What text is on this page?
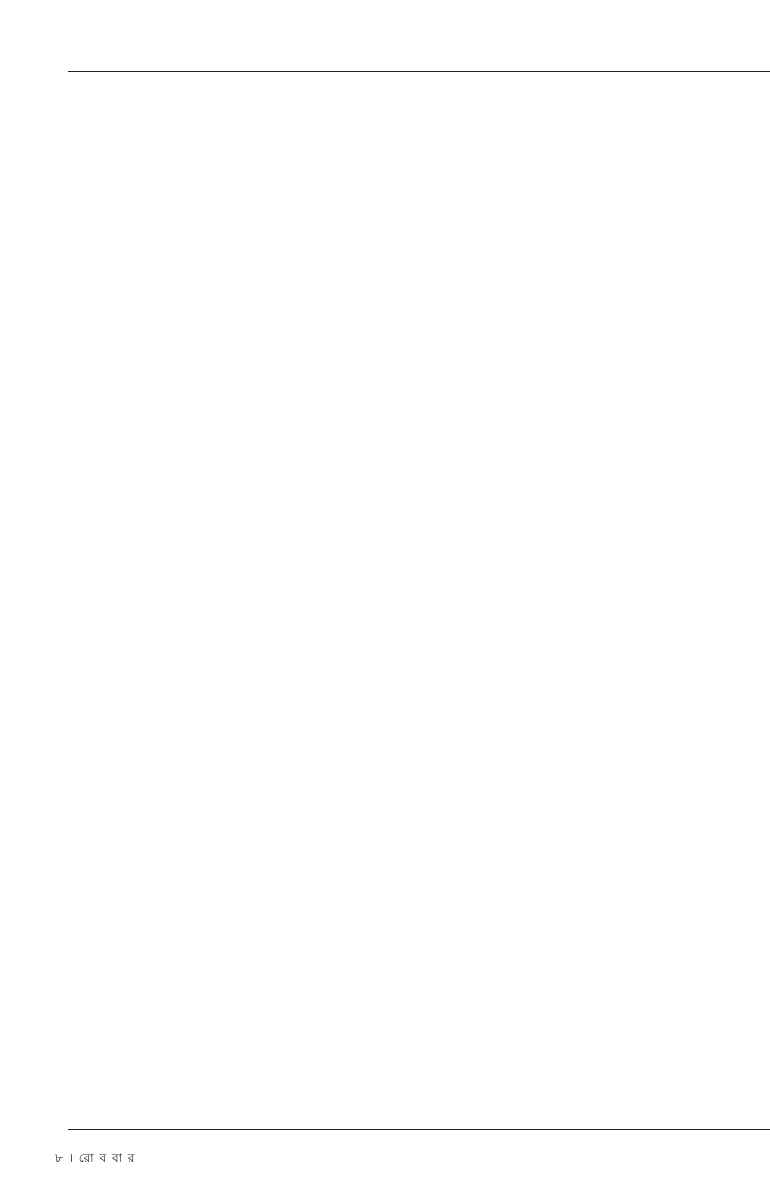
৮ । রো ব বা র
